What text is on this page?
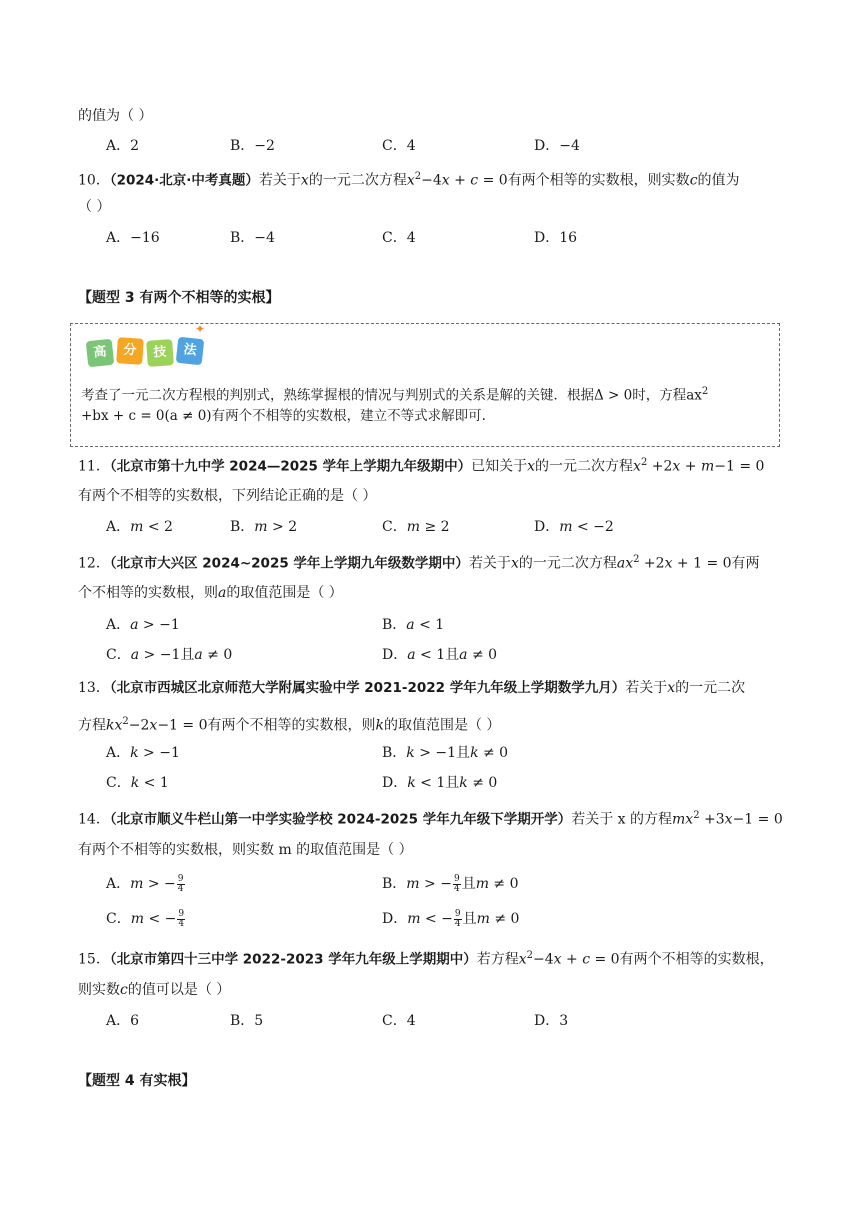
的值为（ ）
A．2	B．−2	C．4	D．−4
10．（2024·北京·中考真题）若关于x的一元二次方程$x^2-4x + c = 0$有两个相等的实数根，则实数c的值为
（ ）
A．−16	B．−4	C．4	D．16
【题型 3 有两个不相等的实根】
高	分	技	法
✦
考查了一元二次方程根的判别式，熟练掌握根的情况与判别式的关系是解的关键．根据Δ > 0时，方程$ax^2$
+bx + c = 0(a ≠ 0)有两个不相等的实数根，建立不等式求解即可.
11．（北京市第十九中学 2024—2025 学年上学期九年级期中）已知关于x的一元二次方程$x^2 +2x + m-1 = 0$
有两个不相等的实数根，下列结论正确的是（ ）
A．m < 2	B．m > 2	C．m ≥ 2	D．m < −2
12．（北京市大兴区 2024~2025 学年上学期九年级数学期中）若关于x的一元二次方程$ax^2 +2x + 1 = 0$有两
个不相等的实数根，则a的取值范围是（ ）
A．a > −1	B．a < 1
C．a > −1且a ≠ 0	D．a < 1且a ≠ 0
13．（北京市西城区北京师范大学附属实验中学 2021-2022 学年九年级上学期数学九月）若关于x的一元二次
方程$kx^2-2x-1 = 0$有两个不相等的实数根，则k的取值范围是（ ）
A．k > −1	B．k > −1且k ≠ 0
C．k < 1	D．k < 1且k ≠ 0
14．（北京市顺义牛栏山第一中学实验学校 2024-2025 学年九年级下学期开学）若关于 x 的方程$mx^2 +3x-1 = 0$
有两个不相等的实数根，则实数 m 的取值范围是（ ）
A．m > − $\frac{9}{4}$	B．m > − $\frac{9}{4}$ 且m ≠ 0
C．m < − $\frac{9}{4}$	D．m < − $\frac{9}{4}$ 且m ≠ 0
15．（北京市第四十三中学 2022-2023 学年九年级上学期期中）若方程$x^2-4x + c = 0$有两个不相等的实数根，
则实数c的值可以是（ ）
A．6	B．5	C．4	D．3
【题型 4 有实根】
